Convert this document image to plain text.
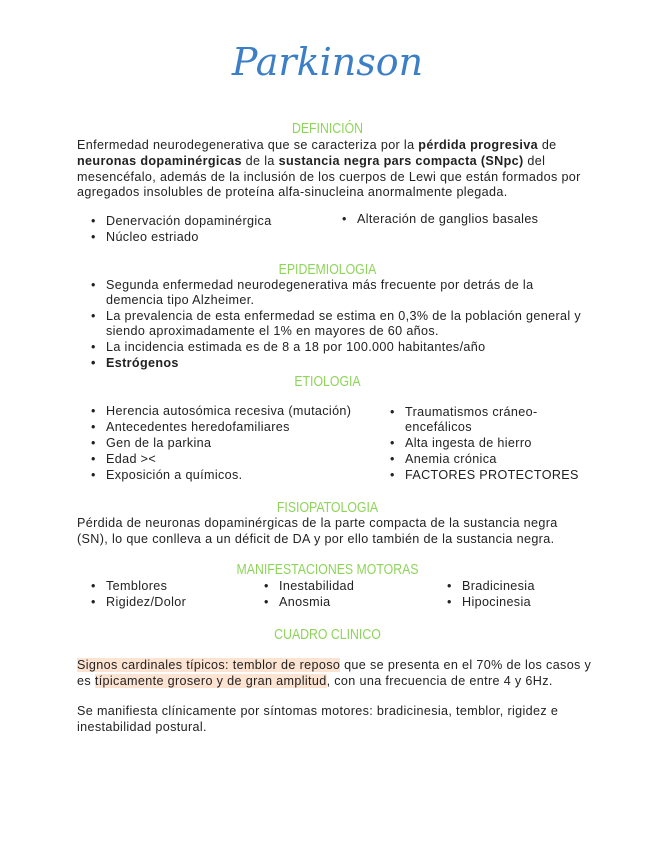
Parkinson
DEFINICIÓN
Enfermedad neurodegenerativa que se caracteriza por la pérdida progresiva de
neuronas dopaminérgicas de la sustancia negra pars compacta (SNpc) del
mesencéfalo, además de la inclusión de los cuerpos de Lewi que están formados por
agregados insolubles de proteína alfa-sinucleina anormalmente plegada.
• Denervación dopaminérgica
• Núcleo estriado
• Alteración de ganglios basales
EPIDEMIOLOGIA
• Segunda enfermedad neurodegenerativa más frecuente por detrás de la
demencia tipo Alzheimer.
• La prevalencia de esta enfermedad se estima en 0,3% de la población general y
siendo aproximadamente el 1% en mayores de 60 años.
• La incidencia estimada es de 8 a 18 por 100.000 habitantes/año
• Estrógenos
ETIOLOGIA
• Herencia autosómica recesiva (mutación)
• Antecedentes heredofamiliares
• Gen de la parkina
• Edad ><
• Exposición a químicos.
• Traumatismos cráneo-
encefálicos
• Alta ingesta de hierro
• Anemia crónica
• FACTORES PROTECTORES
FISIOPATOLOGIA
Pérdida de neuronas dopaminérgicas de la parte compacta de la sustancia negra
(SN), lo que conlleva a un déficit de DA y por ello también de la sustancia negra.
MANIFESTACIONES MOTORAS
• Temblores
• Rigidez/Dolor
• Inestabilidad
• Anosmia
• Bradicinesia
• Hipocinesia
CUADRO CLINICO
Signos cardinales típicos: temblor de reposo que se presenta en el 70% de los casos y
es típicamente grosero y de gran amplitud, con una frecuencia de entre 4 y 6Hz.
Se manifiesta clínicamente por síntomas motores: bradicinesia, temblor, rigidez e
inestabilidad postural.
